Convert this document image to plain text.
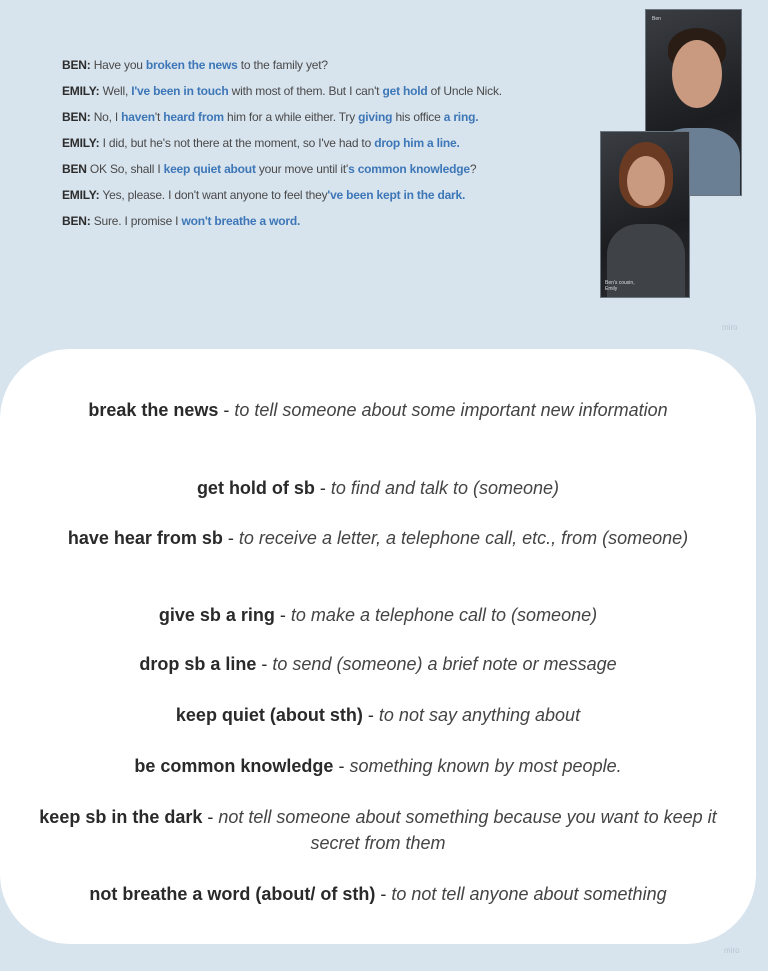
BEN: Have you broken the news to the family yet?
EMILY: Well, I've been in touch with most of them. But I can't get hold of Uncle Nick.
BEN: No, I haven't heard from him for a while either. Try giving his office a ring.
EMILY: I did, but he's not there at the moment, so I've had to drop him a line.
BEN OK So, shall I keep quiet about your move until it's common knowledge?
EMILY: Yes, please. I don't want anyone to feel they've been kept in the dark.
BEN: Sure. I promise I won't breathe a word.
Ben
Ben's cousin, Emily
miro
break the news - to tell someone about some important new information
get hold of sb - to find and talk to (someone)
have hear from sb - to receive a letter, a telephone call, etc., from (someone)
give sb a ring - to make a telephone call to (someone)
drop sb a line - to send (someone) a brief note or message
keep quiet (about sth) - to not say anything about
be common knowledge - something known by most people.
keep sb in the dark - not tell someone about something because you want to keep it secret from them
not breathe a word (about/ of sth) - to not tell anyone about something
miro
